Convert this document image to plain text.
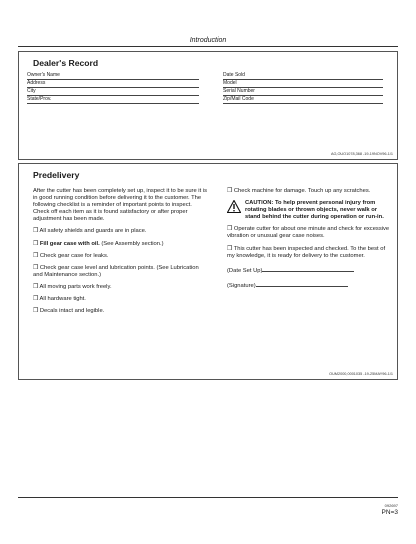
Introduction
Dealer's Record
Owner's Name
Address
City
State/Prov.
Date Sold
Model
Serial Number
Zip/Mail Code
AG,OUO1078,368 -19-19NOV96-1/1
Predelivery

After the cutter has been completely set up, inspect it to be sure it is in good running condition before delivering it to the customer. The following checklist is a reminder of important points to inspect. Check off each item as it is found satisfactory or after proper adjustment has been made.

❒ All safety shields and guards are in place.

❒ Fill gear case with oil. (See Assembly section.)

❒ Check gear case for leaks.

❒ Check gear case level and lubrication points. (See Lubrication and Maintenance section.)

❒ All moving parts work freely.

❒ All hardware tight.

❒ Decals intact and legible.

❒ Check machine for damage. Touch up any scratches.

CAUTION: To help prevent personal injury from rotating blades or thrown objects, never walk or stand behind the cutter during operation or run-in.

❒ Operate cutter for about one minute and check for excessive vibration or unusual gear case noises.

❒ This cutter has been inspected and checked. To the best of my knowledge, it is ready for delivery to the customer.

(Date Set Up)

(Signature)

OUM2000,0001035 -19-25MAY96-1/1
092697
PN=3
